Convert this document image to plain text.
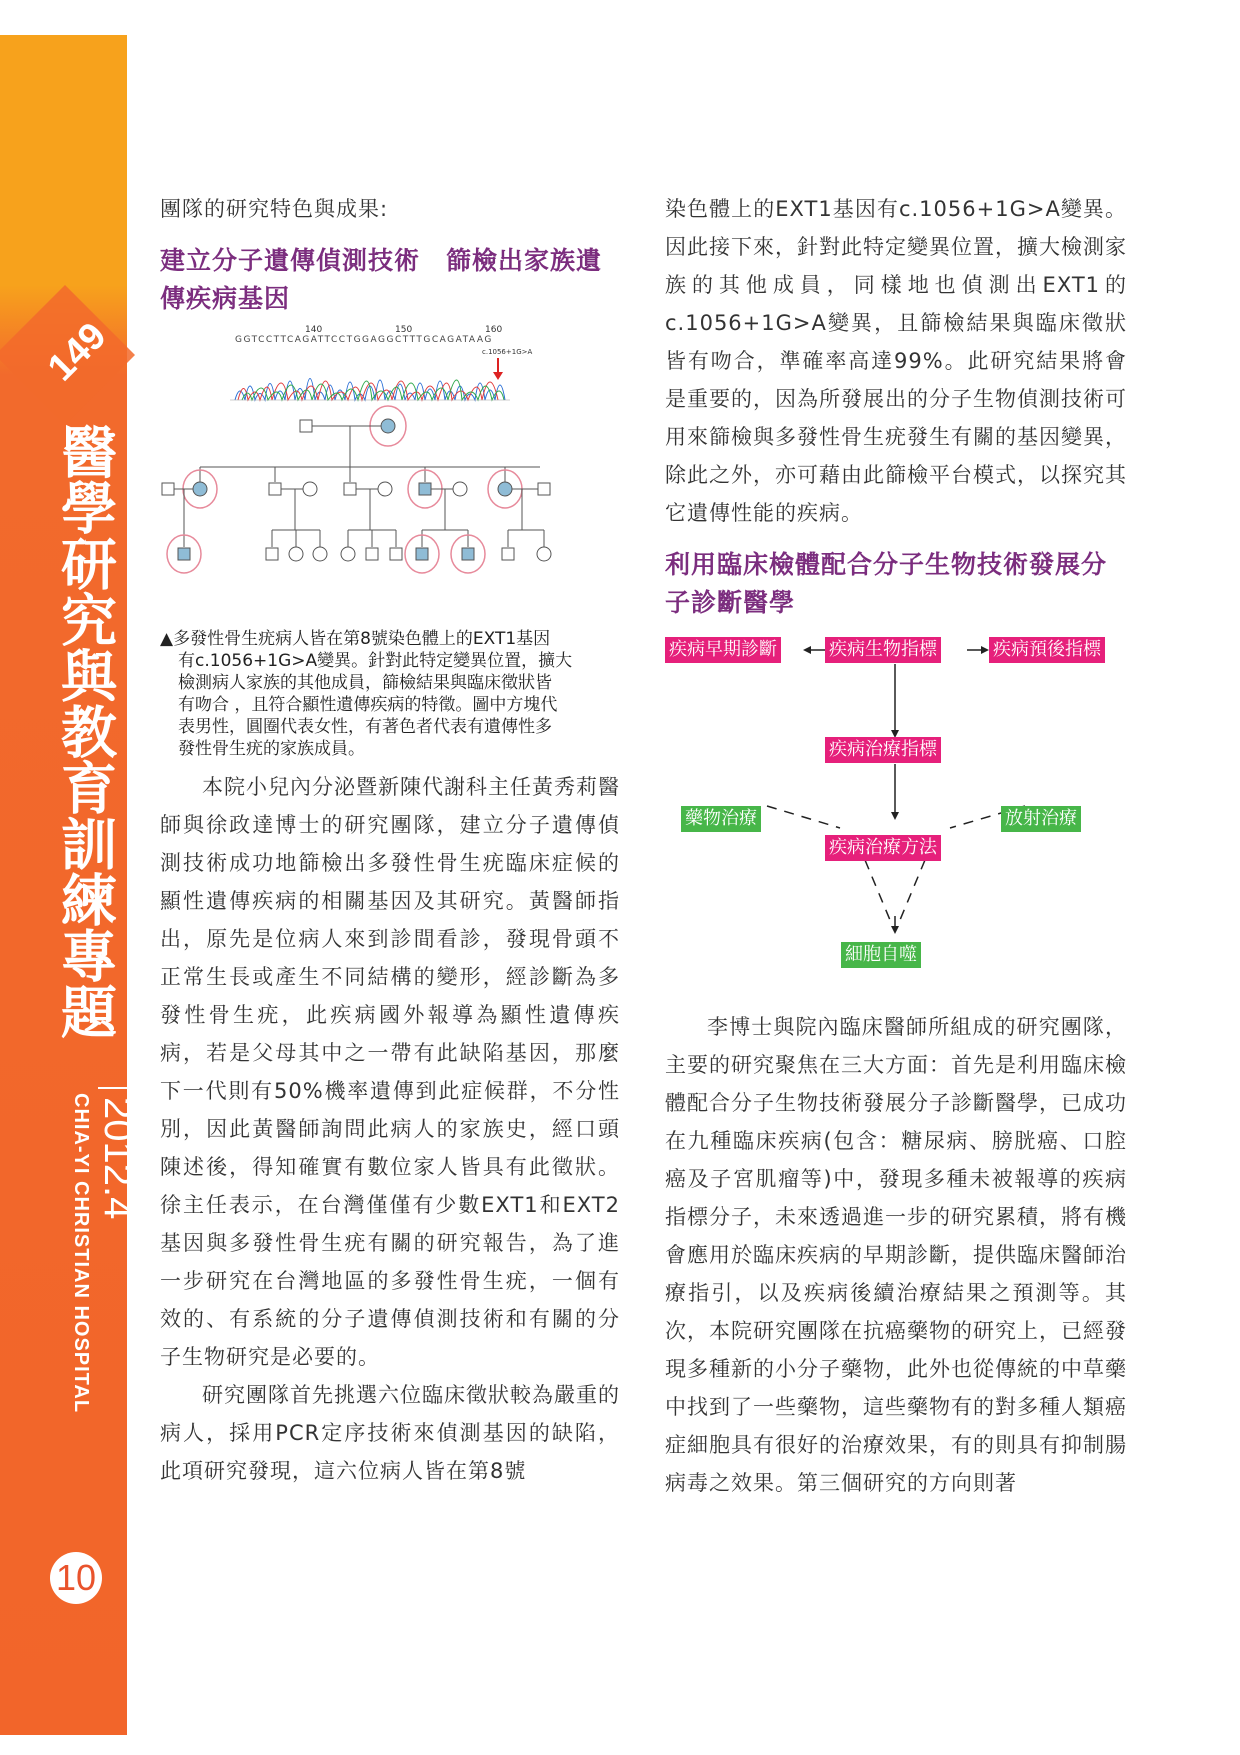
149
醫學研究與教育訓練專題
2012.4
CHIA-YI CHRISTIAN HOSPITAL
10

團隊的研究特色與成果:

建立分子遺傳偵測技術　篩檢出家族遺傳疾病基因
140	150	160
GGTCCTTCAGATTCCTGGAGGCTTTGCAGATAAG
c.1056+1G>A
▲多發性骨生疣病人皆在第8號染色體上的EXT1基因
有c.1056+1G>A變異。針對此特定變異位置，擴大
檢測病人家族的其他成員，篩檢結果與臨床徵狀皆
有吻合 ，且符合顯性遺傳疾病的特徵。圖中方塊代
表男性，圓圈代表女性，有著色者代表有遺傳性多
發性骨生疣的家族成員。

本院小兒內分泌暨新陳代謝科主任黃秀莉醫師與徐政達博士的研究團隊，建立分子遺傳偵測技術成功地篩檢出多發性骨生疣臨床症候的顯性遺傳疾病的相關基因及其研究。黃醫師指出，原先是位病人來到診間看診，發現骨頭不正常生長或產生不同結構的變形，經診斷為多發性骨生疣，此疾病國外報導為顯性遺傳疾病，若是父母其中之一帶有此缺陷基因，那麼下一代則有50%機率遺傳到此症候群，不分性別，因此黃醫師詢問此病人的家族史，經口頭陳述後，得知確實有數位家人皆具有此徵狀。徐主任表示，在台灣僅僅有少數EXT1和EXT2基因與多發性骨生疣有關的研究報告，為了進一步研究在台灣地區的多發性骨生疣，一個有效的、有系統的分子遺傳偵測技術和有關的分子生物研究是必要的。

研究團隊首先挑選六位臨床徵狀較為嚴重的病人，採用PCR定序技術來偵測基因的缺陷，此項研究發現，這六位病人皆在第8號

染色體上的EXT1基因有c.1056+1G>A變異。因此接下來，針對此特定變異位置，擴大檢測家族的其他成員，同樣地也偵測出EXT1的c.1056+1G>A變異，且篩檢結果與臨床徵狀皆有吻合，準確率高達99%。此研究結果將會是重要的，因為所發展出的分子生物偵測技術可用來篩檢與多發性骨生疣發生有關的基因變異，除此之外，亦可藉由此篩檢平台模式，以探究其它遺傳性能的疾病。

利用臨床檢體配合分子生物技術發展分子診斷醫學
疾病早期診斷	疾病生物指標	疾病預後指標
疾病治療指標
藥物治療	放射治療
疾病治療方法
細胞自噬

李博士與院內臨床醫師所組成的研究團隊，主要的研究聚焦在三大方面：首先是利用臨床檢體配合分子生物技術發展分子診斷醫學，已成功在九種臨床疾病(包含：糖尿病、膀胱癌、口腔癌及子宮肌瘤等)中，發現多種未被報導的疾病指標分子，未來透過進一步的研究累積，將有機會應用於臨床疾病的早期診斷，提供臨床醫師治療指引，以及疾病後續治療結果之預測等。其次，本院研究團隊在抗癌藥物的研究上，已經發現多種新的小分子藥物，此外也從傳統的中草藥中找到了一些藥物，這些藥物有的對多種人類癌症細胞具有很好的治療效果，有的則具有抑制腸病毒之效果。第三個研究的方向則著
